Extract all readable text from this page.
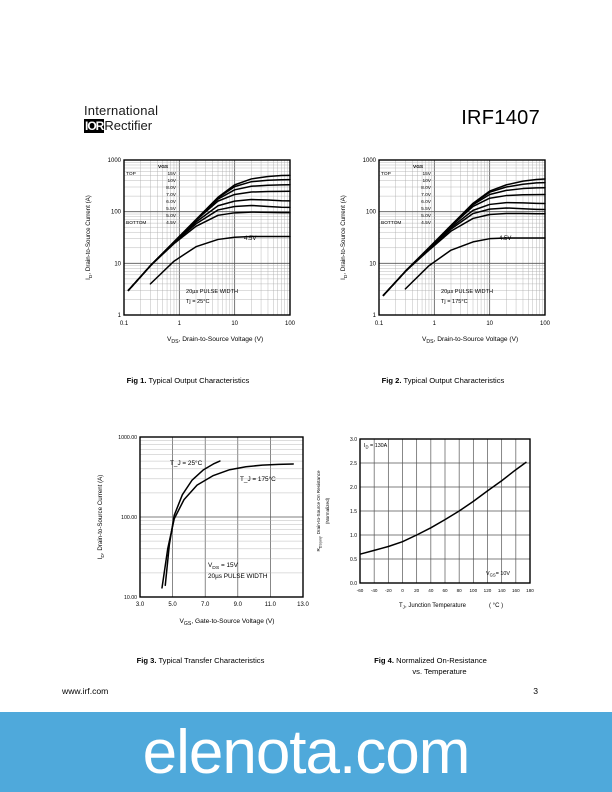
International
IORRectifier	IRF1407
0.1	1	10	100
1
10
100
1000
$I_D$, Drain-to-Source Current (A)
$V_{DS}$, Drain-to-Source Voltage (V)
VGS
TOP	15V
10V
8.0V
7.0V
6.0V
5.5V
5.0V
BOTTOM	4.5V
4.5V
20µs PULSE WIDTH
Tj = 25°C
0.1	1	10	100
1
10
100
1000
$I_D$, Drain-to-Source Current (A)
$V_{DS}$, Drain-to-Source Voltage (V)
VGS
TOP	15V
10V
8.0V
7.0V
6.0V
5.5V
5.0V
BOTTOM	4.5V
4.5V
20µs PULSE WIDTH
Tj = 175°C
3.0	5.0	7.0	9.0	11.0	13.0
10.00
100.00
1000.00
$I_D$, Drain-to-Source Current (A)
$V_{GS}$, Gate-to-Source Voltage (V)
T_J = 25°C
T_J = 175°C
$V_{DS} = 15V$
20µs PULSE WIDTH
-60 -40 -20 0 20 40 60 80 100 120 140 160 180
0.0
0.5
1.0
1.5
2.0
2.5
3.0
$R_{DS(on)}$, Drain-to-Source On Resistance (Normalized)
$T_J$, Junction Temperature	( °C )
$I_D = 130A$
$V_{GS}= 10V$
Fig 1. Typical Output Characteristics	Fig 2. Typical Output Characteristics
Fig 3. Typical Transfer Characteristics	Fig 4. Normalized On-Resistance
vs. Temperature
www.irf.com	3
elenota.com
